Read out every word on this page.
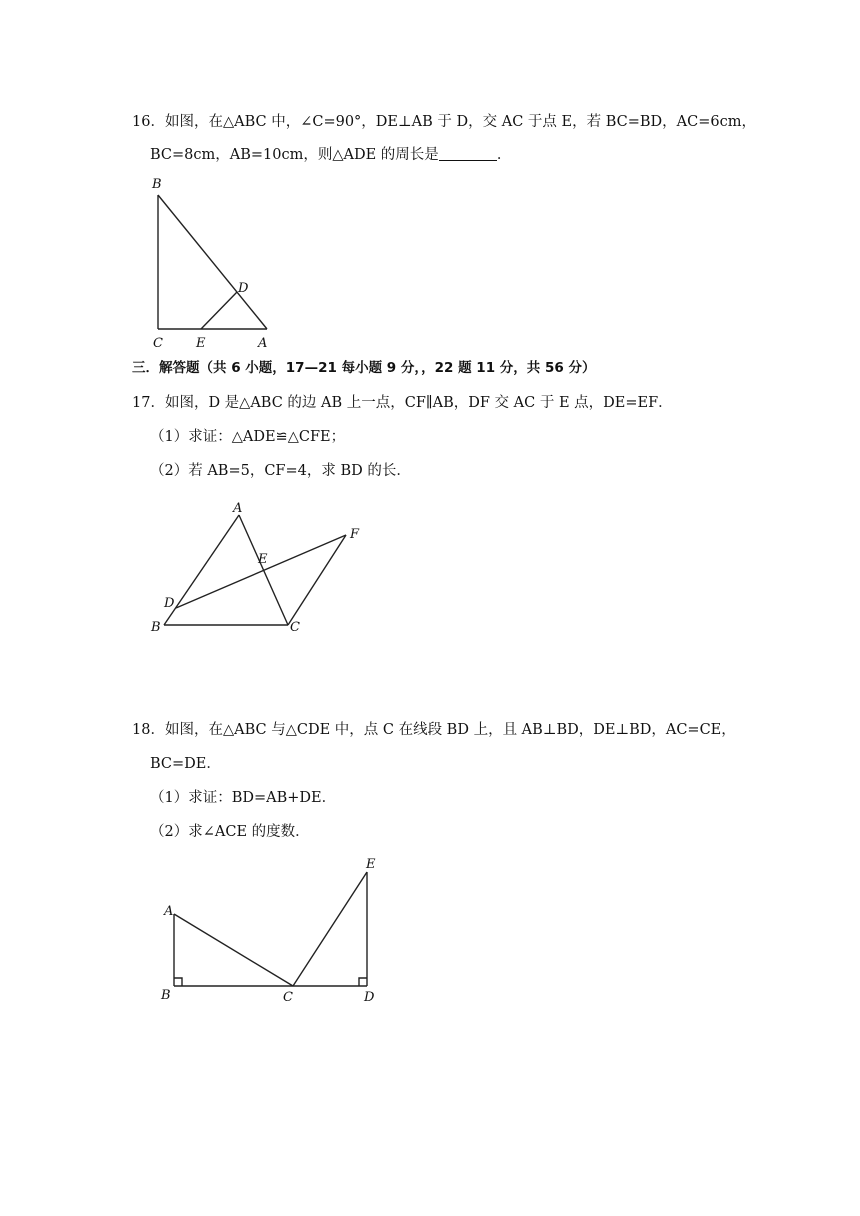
16．如图，在△ABC 中，∠C=90°，DE⊥AB 于 D，交 AC 于点 E，若 BC=BD，AC=6cm，
BC=8cm，AB=10cm，则△ADE 的周长是	．
B
C	E	A
D
三．解答题（共 6 小题，17—21 每小题 9 分，，22 题 11 分，共 56 分）
17．如图，D 是△ABC 的边 AB 上一点，CF∥AB，DF 交 AC 于 E 点，DE=EF．
（1）求证：△ADE≌△CFE；
（2）若 AB=5，CF=4，求 BD 的长．
A
F
E
D
B	C
18．如图，在△ABC 与△CDE 中，点 C 在线段 BD 上，且 AB⊥BD，DE⊥BD，AC=CE，
BC=DE．
（1）求证：BD=AB+DE．
（2）求∠ACE 的度数．
E
A
B	C	D
